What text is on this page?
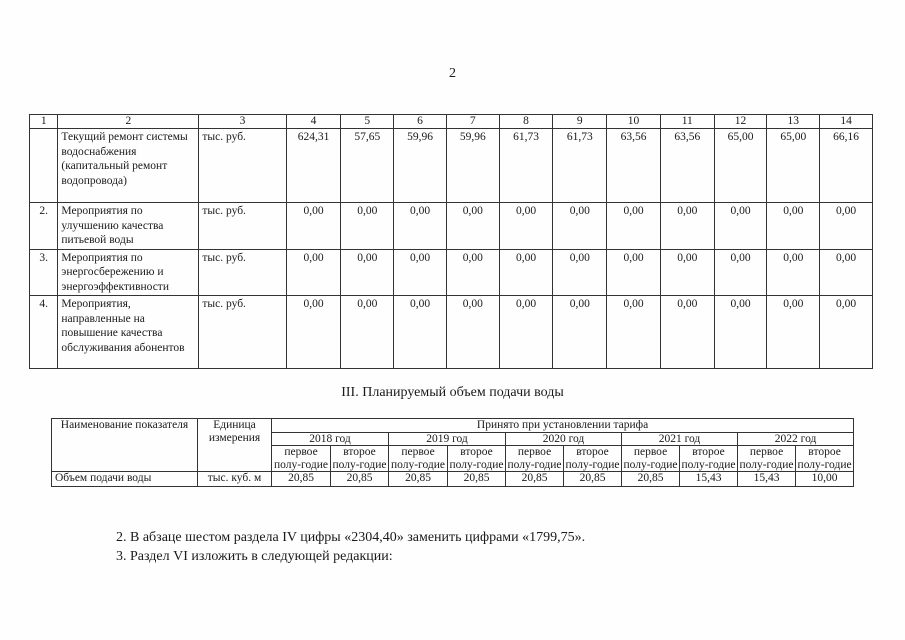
2
1	2	3	4	5	6	7	8	9	10	11	12	13	14
	Текущий ремонт системы водоснабжения (капитальный ремонт водопровода)	тыс. руб.	624,31	57,65	59,96	59,96	61,73	61,73	63,56	63,56	65,00	65,00	66,16
2.	Мероприятия по улучшению качества питьевой воды	тыс. руб.	0,00	0,00	0,00	0,00	0,00	0,00	0,00	0,00	0,00	0,00	0,00
3.	Мероприятия по энергосбережению и энергоэффективности	тыс. руб.	0,00	0,00	0,00	0,00	0,00	0,00	0,00	0,00	0,00	0,00	0,00
4.	Мероприятия, направленные на повышение качества обслуживания абонентов	тыс. руб.	0,00	0,00	0,00	0,00	0,00	0,00	0,00	0,00	0,00	0,00	0,00
III. Планируемый объем подачи воды
Наименование показателя	Единица измерения	Принято при установлении тарифа									
		2018 год		2019 год		2020 год		2021 год		2022 год	
		первое полу-годие	второе полу-годие	первое полу-годие	второе полу-годие	первое полу-годие	второе полу-годие	первое полу-годие	второе полу-годие	первое полу-годие	второе полу-годие
Объем подачи воды	тыс. куб. м	20,85	20,85	20,85	20,85	20,85	20,85	20,85	15,43	15,43	10,00
2. В абзаце шестом раздела IV цифры «2304,40» заменить цифрами «1799,75».
3. Раздел VI изложить в следующей редакции:
